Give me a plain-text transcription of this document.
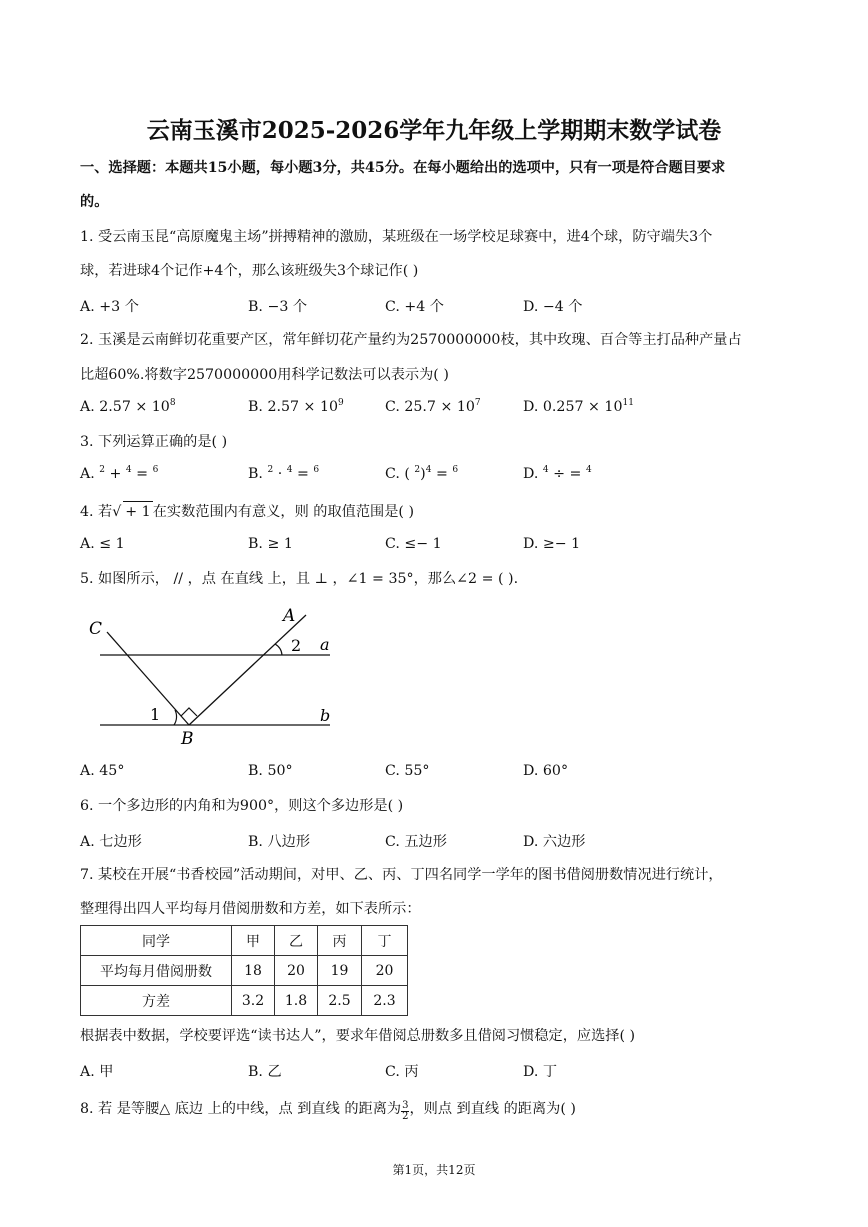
云南玉溪市2025-2026学年九年级上学期期末数学试卷
一、选择题：本题共15小题，每小题3分，共45分。在每小题给出的选项中，只有一项是符合题目要求
的。
1. 受云南玉昆“高原魔鬼主场”拼搏精神的激励，某班级在一场学校足球赛中，进4个球，防守端失3个
球，若进球4个记作+4个，那么该班级失3个球记作( )
A. +3 个	B. −3 个	C. +4 个	D. −4 个
2. 玉溪是云南鲜切花重要产区，常年鲜切花产量约为2570000000枝，其中玫瑰、百合等主打品种产量占
比超60%.将数字2570000000用科学记数法可以表示为( )
A. $2.57 \times 10^8$	B. $2.57 \times 10^9$	C. $25.7 \times 10^7$	D. $0.257 \times 10^{11}$
3. 下列运算正确的是( )
A. $^2$ + $^4$ = $^6$	B. $^2$ · $^4$ = $^6$	C. ( $^2$)$^4$ = $^6$	D. $^4$ ÷ = $^4$
4. 若√+ 1 在实数范围内有意义，则 的取值范围是( )
A. ≤ 1	B. ≥ 1	C. ≤− 1	D. ≥− 1
5. 如图所示， // ，点 在直线 上，且 ⊥ ，∠1 = 35°，那么∠2 = ( ).
C
A
B
a
b
2
1
A. 45°	B. 50°	C. 55°	D. 60°
6. 一个多边形的内角和为900°，则这个多边形是( )
A. 七边形	B. 八边形	C. 五边形	D. 六边形
7. 某校在开展“书香校园”活动期间，对甲、乙、丙、丁四名同学一学年的图书借阅册数情况进行统计，
整理得出四人平均每月借阅册数和方差，如下表所示：
同学	甲	乙	丙	丁
平均每月借阅册数	18	20	19	20
方差	3.2	1.8	2.5	2.3
根据表中数据，学校要评选“读书达人”，要求年借阅总册数多且借阅习惯稳定，应选择( )
A. 甲	B. 乙	C. 丙	D. 丁
8. 若 是等腰△ 底边 上的中线，点 到直线 的距离为 $\frac{3}{2}$ ，则点 到直线 的距离为( )
第1页，共12页
